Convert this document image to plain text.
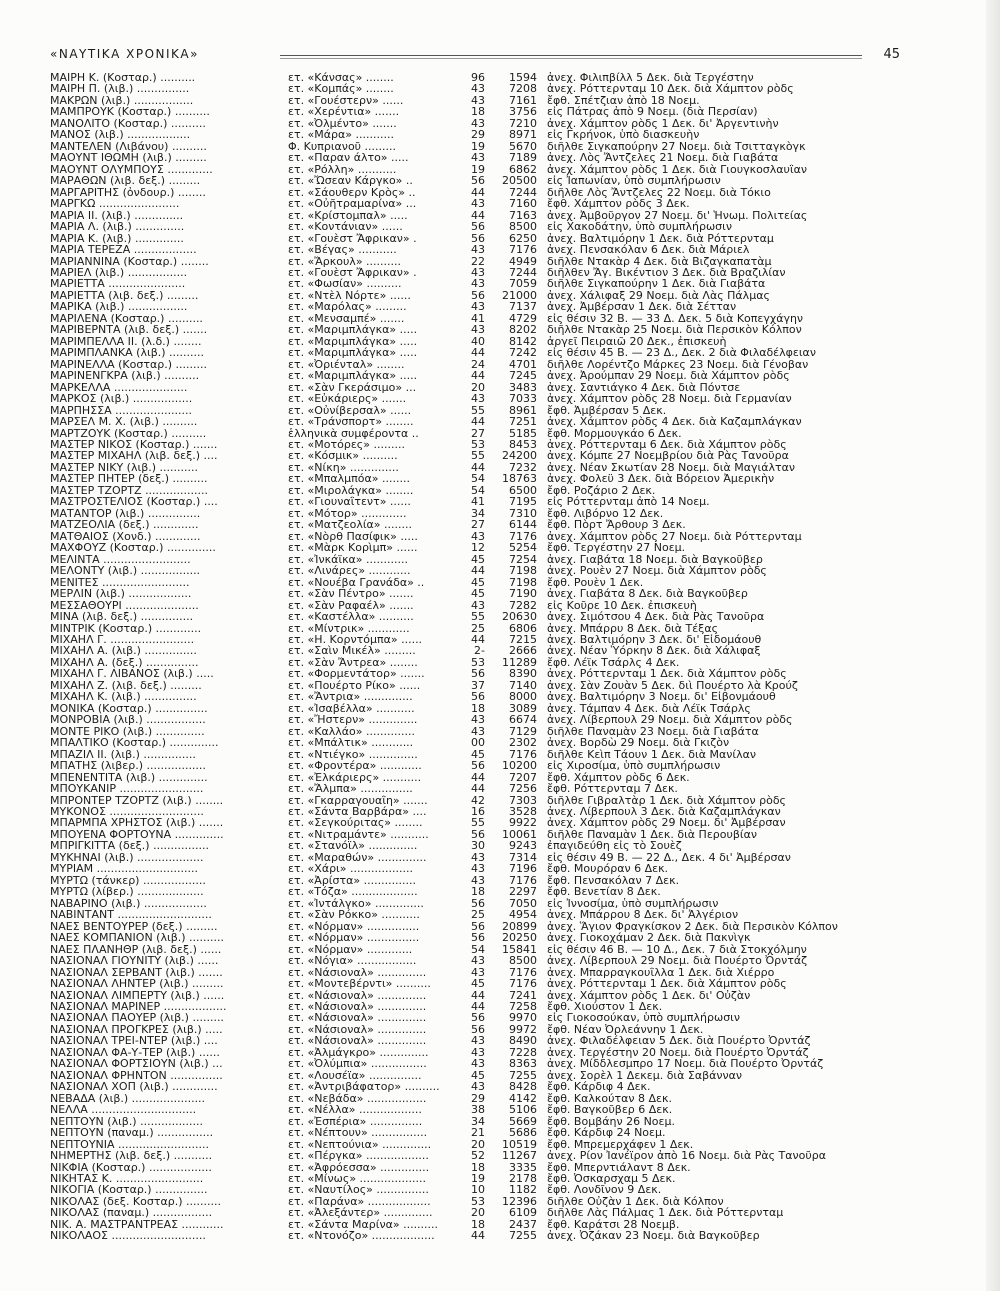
«ΝΑΥΤΙΚΑ ΧΡΟΝΙΚΑ»	45
ΜΑΙΡΗ Κ. (Κοσταρ.) ..........	ετ. «Κάνσας» ........	96	1594 ἀνεχ. Φιλιπβίλλ 5 Δεκ. διὰ Τεργέστην
ΜΑΙΡΗ Π. (λιβ.) ...............	ετ. «Κομπάς» ........	43	7208 ἀνεχ. Ρόττερνταμ 10 Δεκ. διὰ Χάμπτον ρὸδς
ΜΑΚΡΩΝ (λιβ.) .................	ετ. «Γουέστερν» ......	43	7161 ἔφθ. Σπέτζιαν ἀπὸ 18 Νοεμ.
ΜΑΜΠΡΟΥΚ (Κοσταρ.) ..........	ετ. «Χερέντια» .......	18	3756 εἰς Πάτρας ἀπὸ 9 Νοεμ. (διὰ Περσίαν)
ΜΑΝΟΛΙΤΟ (Κοσταρ.) ..........	ετ. «Ὀλμέντο» .......	43	7210 ἀνεχ. Χάμπτον ρὸδς 1 Δεκ. δι' Ἀργεντινὴν
ΜΑΝΟΣ (λιβ.) ..................	ετ. «Μάρα» ...........	29	8971 εἰς Γκρήνοκ, ὑπὸ διασκευὴν
ΜΑΝΤΕΛΕΝ (Λιβάνου) ..........	Φ. Κυπριανοῦ .........	19	5670 διῆλθε Σιγκαπούρην 27 Νοεμ. διὰ Τσιτταγκὸγκ
ΜΑΟΥΝΤ ΙΘΩΜΗ (λιβ.) .........	ετ. «Παραν άλτο» .....	43	7189 ἀνεχ. Λὸς Ἄντζελες 21 Νοεμ. διὰ Γιαβάτα
ΜΑΟΥΝΤ ΟΛΥΜΠΟΥΣ .............	ετ. «Ρόλλη» ...........	19	6862 ἀνεχ. Χάμπτον ρὸδς 1 Δεκ. διὰ Γιουγκοσλαυΐαν
ΜΑΡΑΘΩΝ (λιβ. δεξ.) .........	ετ. «Ὤσεαν Κάργκο» ..	56	20500 εἰς Ἰαπωνίαν, ὑπὸ συμπλήρωσιν
ΜΑΡΓΑΡΙΤΗΣ (ὀνδουρ.) ........	ετ. «Σάουθερν Κρὸς» ..	44	7244 διῆλθε Λὸς Ἄντζελες 22 Νοεμ. διὰ Τόκιο
ΜΑΡΓΚΩ .......................	ετ. «Οὐῆτραμαρίνα» ...	43	7160 ἔφθ. Χάμπτον ρὸδς 3 Δεκ.
ΜΑΡΙΑ ΙΙ. (λιβ.) ..............	ετ. «Κρίστομπαλ» .....	44	7163 ἀνεχ. Ἀμβοῦργον 27 Νοεμ. δι' Ἡνωμ. Πολιτείας
ΜΑΡΙΑ Λ. (λιβ.) ..............	ετ. «Κοντάνιαν» ......	56	8500 εἰς Χακοδάτην, ὑπὸ συμπλήρωσιν
ΜΑΡΙΑ Κ. (λιβ.) ..............	ετ. «Γουὲστ Ἄφρικαν» .	56	6250 ἀνεχ. Βαλτιμόρην 1 Δεκ. διὰ Ρόττερνταμ
ΜΑΡΙΑ ΤΕΡΕΖΑ ..................	ετ. «Βέγας» ...........	43	7176 ἀνεχ. Πενσακόλαν 6 Δεκ. διὰ Μάριελ
ΜΑΡΙΑΝΝΙΝΑ (Κοσταρ.) ........	ετ. «Ἄρκουλ» ..........	22	4949 διῆλθε Ντακὰρ 4 Δεκ. διὰ Βιζαγκαπατὰμ
ΜΑΡΙΕΛ (λιβ.) .................	ετ. «Γουὲστ Ἄφρικαν» .	43	7244 διῆλθεν Ἄγ. Βικέντιον 3 Δεκ. διὰ Βραζιλίαν
ΜΑΡΙΕΤΤΑ ......................	ετ. «Φωσίαν» ..........	43	7059 διῆλθε Σιγκαπούρην 1 Δεκ. διὰ Γιαβάτα
ΜΑΡΙΕΤΤΑ (λιβ. δεξ.) .........	ετ. «Ντὲλ Νόρτε» ......	56	21000 ἀνεχ. Χάλιφαξ 29 Νοεμ. διὰ Λὰς Πάλμας
ΜΑΡΙΚΑ (λιβ.) .................	ετ. «Μαρόλας» .........	43	7137 ἀνεχ. Ἀμβέρσαν 1 Δεκ. διὰ Σέτταν
ΜΑΡΙΛΕΝΑ (Κοσταρ.) ..........	ετ. «Μενσαμπέ» .......	41	4729 εἰς θέσιν 32 Β. — 33 Δ. Δεκ. 5 διὰ Κοπεγχάγην
ΜΑΡΙΒΕΡΝΤΑ (λιβ. δεξ.) .......	ετ. «Μαριμπλάγκα» .....	43	8202 διῆλθε Ντακὰρ 25 Νοεμ. διὰ Περσικὸν Κόλπον
ΜΑΡΙΜΠΕΛΛΑ ΙΙ. (λ.δ.) ........	ετ. «Μαριμπλάγκα» .....	40	8142 ἀργεῖ Πειραιῶ 20 Δεκ., ἐπισκευὴ
ΜΑΡΙΜΠΛΑΝΚΑ (λιβ.) ..........	ετ. «Μαριμπλάγκα» .....	44	7242 εἰς θέσιν 45 Β. — 23 Δ., Δεκ. 2 διὰ Φιλαδέλφειαν
ΜΑΡΙΝΕΛΛΑ (Κοσταρ.) .........	ετ. «Ὀριένταλ» ........	24	4701 διῆλθε Λορέντζο Μάρκες 23 Νοεμ. διὰ Γένοβαν
ΜΑΡΙΝΕΝΓΚΡΑ (λιβ.) ..........	ετ. «Μαριμπλάγκα» .....	44	7245 ἀνεχ. Ἀρούμπαν 29 Νοεμ. διὰ Χάμπτον ρὸδς
ΜΑΡΚΕΛΛΑ .....................	ετ. «Σὰν Γκεράσιμο» ...	20	3483 ἀνεχ. Σαντιάγκο 4 Δεκ. διὰ Πόντσε
ΜΑΡΚΟΣ (λιβ.) .................	ετ. «Εὐκάριερς» .......	43	7033 ἀνεχ. Χάμπτον ρὸδς 28 Νοεμ. διὰ Γερμανίαν
ΜΑΡΠΗΣΣΑ ......................	ετ. «Οὐνίβερσαλ» ......	55	8961 ἔφθ. Ἀμβέρσαν 5 Δεκ.
ΜΑΡΣΕΛ Μ. Χ. (λιβ.) ..........	ετ. «Τράνσπορτ» ........	44	7251 ἀνεχ. Χάμπτον ρὸδς 4 Δεκ. διὰ Καζαμπλάγκαν
ΜΑΡΤΖΟΥΚ (Κοσταρ.) ..........	ἑλληνικὰ συμφέροντα ..	27	5185 ἔφθ. Μορμουγκάο 6 Δεκ.
ΜΑΣΤΕΡ ΝΙΚΟΣ (Κοσταρ.) .......	ετ. «Μοτόρες» .........	53	8453 ἀνεχ. Ρόττερνταμ 6 Δεκ. διὰ Χάμπτον ρὸδς
ΜΑΣΤΕΡ ΜΙΧΑΗΛ (λιβ. δεξ.) ....	ετ. «Κόσμικ» ..........	55	24200 ἀνεχ. Κόμπε 27 Νοεμβρίου διὰ Ρὰς Τανοῦρα
ΜΑΣΤΕΡ ΝΙΚΥ (λιβ.) ...........	ετ. «Νίκη» ..............	44	7232 ἀνεχ. Νέαν Σκωτίαν 28 Νοεμ. διὰ Μαγιάλταν
ΜΑΣΤΕΡ ΠΗΤΕΡ (δεξ.) ..........	ετ. «Μπαλμπόα» ........	54	18763 ἀνεχ. Φολεϋ 3 Δεκ. διὰ Βόρειον Ἀμερικὴν
ΜΑΣΤΕΡ ΤΖΟΡΤΖ ..................	ετ. «Μιρολάγκα» ........	54	6500 ἔφθ. Ροζάριο 2 Δεκ.
ΜΑΣΤΡΟΣΤΕΛΙΟΣ (Κοσταρ.) ....	ετ. «Γιουναΐτεντ» ......	41	7195 εἰς Ρόττερνταμ ἀπὸ 14 Νοεμ.
ΜΑΤΑΝΤΟΡ (λιβ.) ...............	ετ. «Μότορ» .............	34	7310 ἔφθ. Λιβόρνο 12 Δεκ.
ΜΑΤΖΕΟΛΙΑ (δεξ.) .............	ετ. «Ματζεολία» ........	27	6144 ἔφθ. Πὸρτ Ἄρθουρ 3 Δεκ.
ΜΑΤΘΑΙΟΣ (Χονδ.) .............	ετ. «Νὸρθ Πασίφικ» .....	43	7176 ἀνεχ. Χάμπτον ρὸδς 27 Νοεμ. διὰ Ρόττερνταμ
ΜΑΧΦΟΥΖ (Κοσταρ.) ..............	ετ. «Μὰρκ Κορὶμπ» ......	12	5254 ἔφθ. Τεργέστην 27 Νοεμ.
ΜΕΛΙΝΤΑ .........................	ετ. «Ἰνκάϊκα» ............	45	7254 ἀνεχ. Γιαβάτα 18 Νοεμ. διὰ Βαγκοῦβερ
ΜΕΛΟΝΤΥ (λιβ.) .................	ετ. «Λινάρες» ............	44	7198 ἀνεχ. Ρουὲν 27 Νοεμ. διὰ Χάμπτον ρὸδς
ΜΕΝΙΤΕΣ .........................	ετ. «Νουέβα Γρανάδα» ..	45	7198 ἔφθ. Ρουὲν 1 Δεκ.
ΜΕΡΛΙΝ (λιβ.) ..................	ετ. «Σὰν Πέντρο» .......	45	7190 ἀνεχ. Γιαβάτα 8 Δεκ. διὰ Βαγκοῦβερ
ΜΕΣΣΑΘΟΥΡΙ .....................	ετ. «Σὰν Ραφαέλ» .......	43	7282 εἰς Κοῦρε 10 Δεκ. ἐπισκευὴ
ΜΙΝΑ (λιβ. δεξ.) ...............	ετ. «Καστέλλα» ..........	55	20630 ἀνεχ. Σιμότσου 4 Δεκ. διὰ Ρὰς Τανοῦρα
ΜΙΝΤΡΙΚ (Κοσταρ.) .............	ετ. «Μίντρικ» ............	25	6806 ἀνεχ. Μπάρρυ 8 Δεκ. διὰ Τέξας
ΜΙΧΑΗΛ Γ. ........................	ετ. «Η. Κορντόμπα» ......	44	7215 ἀνεχ. Βαλτιμόρην 3 Δεκ. δι' Εἰδομάουθ
ΜΙΧΑΗΛ Α. (λιβ.) ...............	ετ. «Σαὶν Μικέλ» .........	2-	2666 ἀνεχ. Νέαν Ὑόρκην 8 Δεκ. διὰ Χάλιφαξ
ΜΙΧΑΗΛ Α. (δεξ.) ...............	ετ. «Σὰν Ἄντρεα» ........	53	11289 ἔφθ. Λέϊκ Τσάρλς 4 Δεκ.
ΜΙΧΑΗΛ Γ. ΛΙΒΑΝΟΣ (λιβ.) .....	ετ. «Φορμεντάτορ» .......	56	8390 ἀνεχ. Ρόττερνταμ 1 Δεκ. διὰ Χάμπτον ρὸδς
ΜΙΧΑΗΛ Ζ. (λιβ. δεξ.) .........	ετ. «Πουέρτο Ρίκο» ......	37	7140 ἀνεχ. Σὰν Ζουὰν 5 Δεκ. διὶ Πουέρτο λὰ Κρούζ
ΜΙΧΑΗΛ Κ. (λιβ.) ...............	ετ. «Ἄντρια» ..............	56	8000 ἀνεχ. Βαλτιμόρην 3 Νοεμ. δι' Εἰβονμάουθ
ΜΟΝΙΚΑ (Κοσταρ.) ...............	ετ. «Ἰσαβέλλα» ...........	18	3089 ἀνεχ. Τάμπαν 4 Δεκ. διὰ Λέϊκ Τσάρλς
ΜΟΝΡΟΒΙΑ (λιβ.) .................	ετ. «Ἤστερν» ..............	43	6674 ἀνεχ. Λίβερπουλ 29 Νοεμ. διὰ Χάμπτον ρὸδς
ΜΟΝΤΕ ΡΙΚΟ (λιβ.) ..............	ετ. «Καλλάο» ..............	43	7129 διῆλθε Παναμὰν 23 Νοεμ. διὰ Γιαβάτα
ΜΠΑΛΤΙΚΟ (Κοσταρ.) ..............	ετ. «Μπάλτικ» ............	00	2302 ἀνεχ. Βορδὼ 29 Νοεμ. διὰ Γκιζὸν
ΜΠΑΖΙΛ ΙΙ. (λιβ.) ...............	ετ. «Ντιέγκο» ..............	45	7176 διῆλθε Κεὶπ Τάουν 1 Δεκ. διὰ Μανίλαν
ΜΠΑΤΗΣ (λιβερ.) .................	ετ. «Φροντέρα» ............	56	10200 εἰς Χιροσίμα, ὑπὸ συμπλήρωσιν
ΜΠΕΝΕΝΤΙΤΑ (λιβ.) ..............	ετ. «Ἐλκάριερς» ...........	44	7207 ἔφθ. Χάμπτον ρὸδς 6 Δεκ.
ΜΠΟΥΚΑΝΙΡ ........................	ετ. «Ἄλμπα» ...............	44	7256 ἔφθ. Ρόττερνταμ 7 Δεκ.
ΜΠΡΟΝΤΕΡ ΤΖΟΡΤΖ (λιβ.) ........	ετ. «Γκαρραγουαΐη» .......	42	7303 διῆλθε Γιβραλτὰρ 1 Δεκ. διὰ Χάμπτον ρὸδς
ΜΥΚΟΝΟΣ ...........................	ετ. «Σάντα Βαρβάρα» ....	16	3528 ἀνεχ. Λίβερπουλ 3 Δεκ. διὰ Καζαμπλάγκαν
ΜΠΑΡΜΠΑ ΧΡΗΣΤΟΣ (λιβ.) .......	ετ. «Σεγκούριτας» ........	55	9922 ἀνεχ. Χάμπτον ρὸδς 29 Νοεμ. δι' Ἀμβέρσαν
ΜΠΟΥΕΝΑ ΦΟΡΤΟΥΝΑ ..............	ετ. «Νιτραμάντε» ...........	56	10061 διῆλθε Παναμὰν 1 Δεκ. διὰ Περουβίαν
ΜΠΡΙΓΚΙΤΤΑ (δεξ.) ................	ετ. «Στανόϊλ» ..............	30	9243 ἐπαγιδεύθη εἰς τὸ Σουὲζ
ΜΥΚΗΝΑΙ (λιβ.) ...................	ετ. «Μαραθών» ..............	43	7314 εἰς θέσιν 49 Β. — 22 Δ., Δεκ. 4 δι' Ἀμβέρσαν
ΜΥΡΙΑΜ .............................	ετ. «Χάρι» ..................	43	7196 ἔφθ. Μουρόραν 6 Δεκ.
ΜΥΡΤΩ (τάνκερ) ..................	ετ. «Ἀρίστα» ...............	43	7176 ἔφθ. Πενσακόλαν 7 Δεκ.
ΜΥΡΤΩ (λίβερ.) ...................	ετ. «Τόζα» ...................	18	2297 ἔφθ. Βενετίαν 8 Δεκ.
ΝΑΒΑΡΙΝΟ (λιβ.) ..................	ετ. «Ἰντάλγκο» ..............	56	7050 εἰς Ἰννοσίμα, ὑπὸ συμπλήρωσιν
ΝΑΒΙΝΤΑΝΤ ...........................	ετ. «Σὰν Ρόκκο» ...........	25	4954 ἀνεχ. Μπάρρου 8 Δεκ. δι' Ἀλγέριον
ΝΑΕΣ ΒΕΝΤΟΥΡΕΡ (δεξ.) .........	ετ. «Νόρμαν» ...............	56	20899 ἀνεχ. Ἅγιον Φραγκίσκον 2 Δεκ. διὰ Περσικὸν Κόλπον
ΝΑΕΣ ΚΟΜΠΑΝΙΟΝ (λιβ.) ..........	ετ. «Νόρμαν» ...............	56	20250 ἀνεχ. Γιοκοχάμαν 2 Δεκ. διὰ Πακνὶγκ
ΝΑΕΣ ΠΛΑΝΗΘΡ (λιβ. δεξ.) ......	ετ. «Νόρμαν» .............	54	15841 εἰς θέσιν 46 Β. — 10 Δ., Δεκ. 7 διὰ Στοκχόλμην
ΝΑΣΙΟΝΑΛ ΓΙΟΥΝΙΤΥ (λιβ.) ......	ετ. «Νόγια» .................	43	8500 ἀνεχ. Λίβερπουλ 29 Νοεμ. διὰ Πουέρτο Ὀρντάζ
ΝΑΣΙΟΝΑΛ ΣΕΡΒΑΝΤ (λιβ.) .......	ετ. «Νάσιοναλ» ..............	43	7176 ἀνεχ. Μπαρραγκουΐλλα 1 Δεκ. διὰ Χιέρρο
ΝΑΣΙΟΝΑΛ ΛΗΝΤΕΡ (λιβ.) .........	ετ. «Μοντεβέρντι» ..........	45	7176 ἀνεχ. Ρόττερνταμ 1 Δεκ. διὰ Χάμπτον ρὸδς
ΝΑΣΙΟΝΑΛ ΛΙΜΠΕΡΤΥ (λιβ.) ......	ετ. «Νάσιοναλ» ..............	44	7241 ἀνεχ. Χάμπτον ρὸδς 1 Δεκ. δι' Οὐζὰν
ΝΑΣΙΟΝΑΛ ΜΑΡΙΝΕΡ ..................	ετ. «Νάσιοναλ» ..............	44	7258 ἔφθ. Χιούστον 1 Δεκ.
ΝΑΣΙΟΝΑΛ ΠΑΟΥΕΡ (λιβ.) .........	ετ. «Νάσιοναλ» ..............	56	9970 εἰς Γιοκοσούκαν, ὑπὸ συμπλήρωσιν
ΝΑΣΙΟΝΑΛ ΠΡΟΓΚΡΕΣ (λιβ.) .....	ετ. «Νάσιοναλ» ..............	56	9972 ἔφθ. Νέαν Ὀρλεάννην 1 Δεκ.
ΝΑΣΙΟΝΑΛ ΤΡΕΙ-ΝΤΕΡ (λιβ.) ....	ετ. «Νάσιοναλ» ..............	43	8490 ἀνεχ. Φιλαδέλφειαν 5 Δεκ. διὰ Πουέρτο Ὀρντάζ
ΝΑΣΙΟΝΑΛ ΦΑ-Υ-ΤΕΡ (λιβ.) ......	ετ. «Ἀλμάγκρο» ..............	43	7228 ἀνεχ. Τεργέστην 20 Νοεμ. διὰ Πουέρτο Ὀρντάζ
ΝΑΣΙΟΝΑΛ ΦΟΡΤΣΙΟΥΝ (λιβ.) ...	ετ. «Ὀλύμπια» ................	43	8363 ἀνεχ. Μίδδλεσμπρο 17 Νοεμ. διὰ Πουέρτο Ὀρντάζ
ΝΑΣΙΟΝΑΛ ΦΡΗΝΤΟΝ ...............	ετ. «Λουσέϊα» ...............	45	7255 ἀνεχ. Σορὲλ 1 Δεκεμ. διὰ Σαβάνναν
ΝΑΣΙΟΝΑΛ ΧΟΠ (λιβ.) .............	ετ. «Ἀντριβάφατορ» ..........	43	8428 ἔφθ. Κάρδιφ 4 Δεκ.
ΝΕΒΑΔΑ (λιβ.) .....................	ετ. «Νεβάδα» .................	29	4142 ἔφθ. Καλκούταν 8 Δεκ.
ΝΕΛΛΑ ..............................	ετ. «Νέλλα» ..................	38	5106 ἔφθ. Βαγκοῦβερ 6 Δεκ.
ΝΕΠΤΟΥΝ (λιβ.) ..................	ετ. «Ἐσπέρια» ...............	34	5669 ἔφθ. Βομβάην 26 Νοεμ.
ΝΕΠΤΟΥΝ (παναμ.) ................	ετ. «Νέπτουν» ................	21	5686 ἔφθ. Κάρδιφ 24 Νοεμ.
ΝΕΠΤΟΥΝΙΑ ..........................	ετ. «Νεπτούνια» ..............	20	10519 ἔφθ. Μπρεμερχάφεν 1 Δεκ.
ΝΗΜΕΡΤΗΣ (λιβ. δεξ.) ...........	ετ. «Πέργκα» ..................	52	11267 ἀνεχ. Ρίον Ἰανέϊρον ἀπὸ 16 Νοεμ. διὰ Ρὰς Τανοῦρα
ΝΙΚΦΙΑ (Κοσταρ.) ..................	ετ. «Ἀφρόεσσα» ..............	18	3335 ἔφθ. Μπερντιάλαντ 8 Δεκ.
ΝΙΚΗΤΑΣ Κ. .........................	ετ. «Μίνως» ...................	19	2178 ἔφθ. Ὀσκαρσχαμ 5 Δεκ.
ΝΙΚΟΓΙΑ (Κοσταρ.) ...............	ετ. «Ναυτίλος» ...............	10	1182 ἔφθ. Λονδῖνον 9 Δεκ.
ΝΙΚΟΛΑΣ (δεξ. Κοσταρ.) ..........	ετ. «Παράνα» ..................	53	12396 διῆλθε Οὐζὰν 1 Δεκ. διὰ Κόλπον
ΝΙΚΟΛΑΣ (παναμ.) .................	ετ. «Ἀλεξάντερ» ..............	20	6109 διῆλθε Λὰς Πάλμας 1 Δεκ. διὰ Ρόττερνταμ
ΝΙΚ. Α. ΜΑΣΤΡΑΝΤΡΕΑΣ ............	ετ. «Σάντα Μαρίνα» ..........	18	2437 ἔφθ. Καράτσι 28 Νοεμβ.
ΝΙΚΟΛΑΟΣ ...........................	ετ. «Ντονόζο» ..................	44	7255 ἀνεχ. Ὀζάκαν 23 Νοεμ. διὰ Βαγκοῦβερ
